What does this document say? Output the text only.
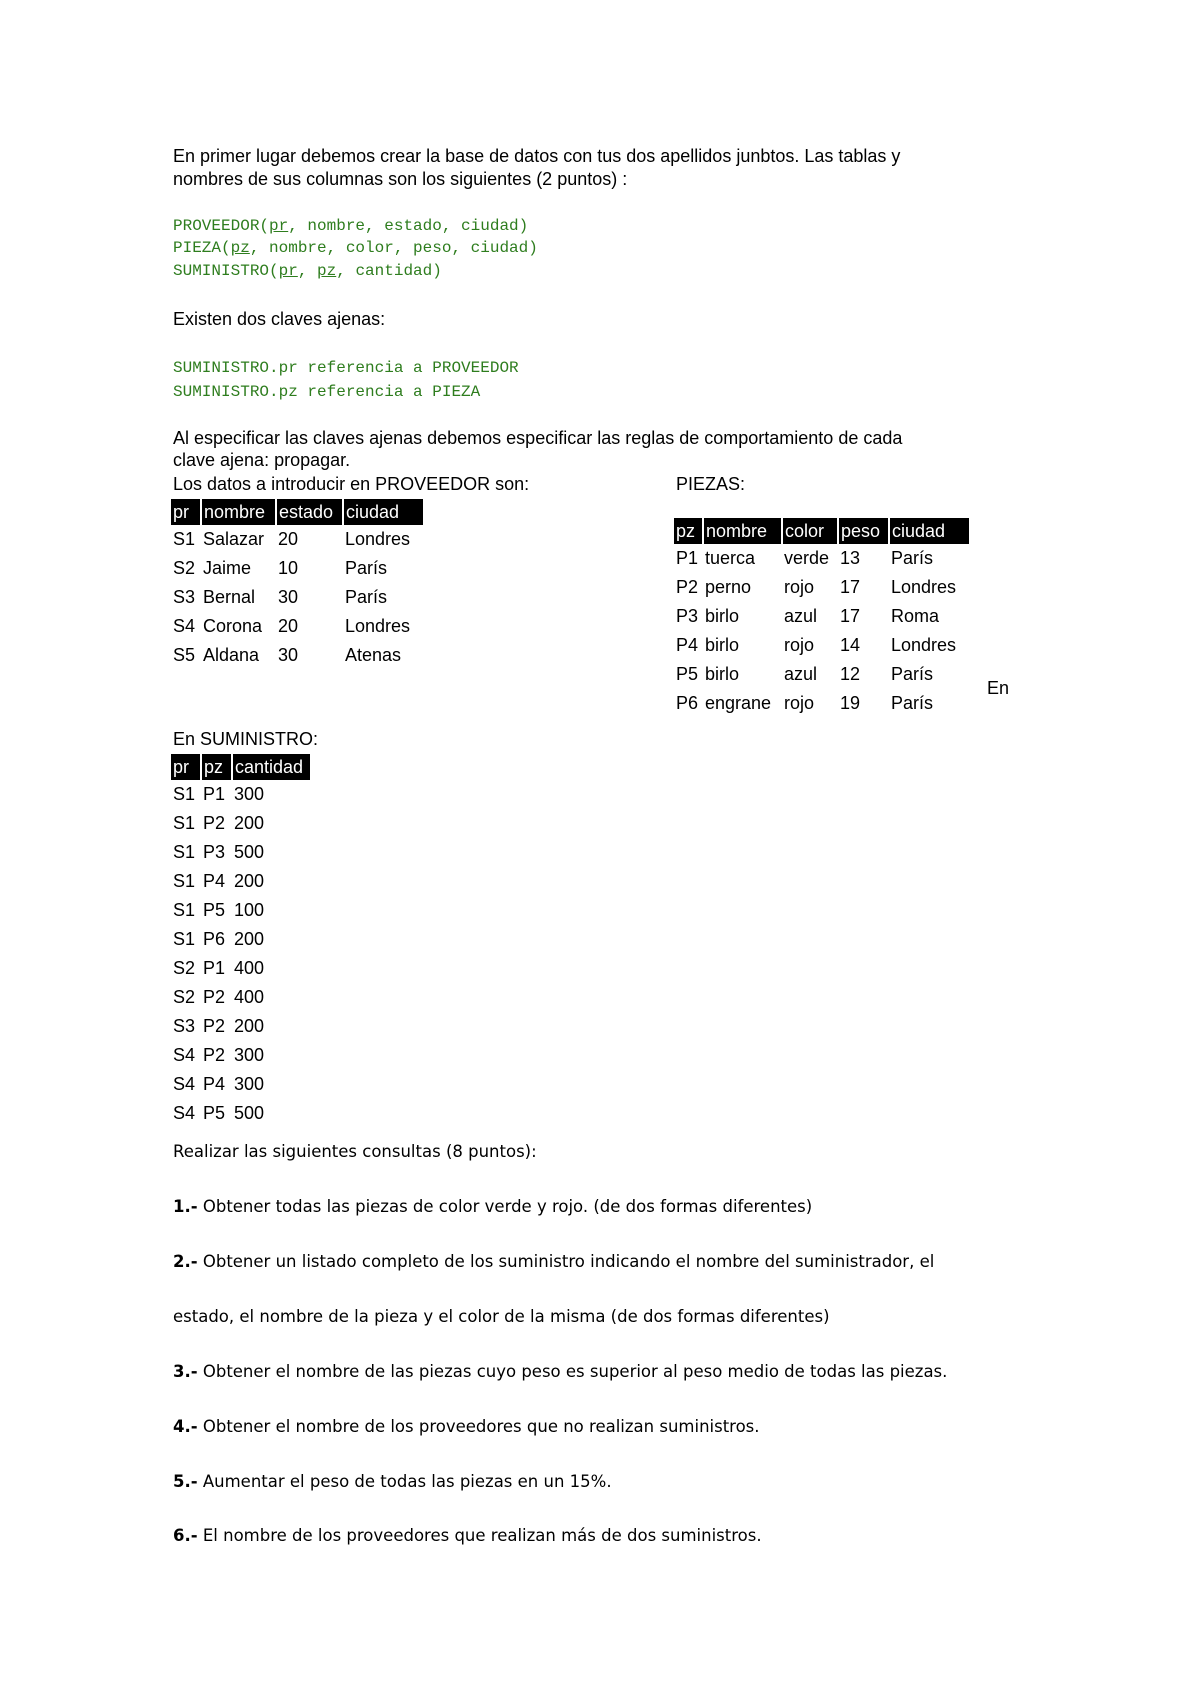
En primer lugar debemos crear la base de datos con tus dos apellidos junbtos. Las tablas y
nombres de sus columnas son los siguientes (2 puntos) :
PROVEEDOR(pr, nombre, estado, ciudad)
PIEZA(pz, nombre, color, peso, ciudad)
SUMINISTRO(pr, pz, cantidad)
Existen dos claves ajenas:
SUMINISTRO.pr referencia a PROVEEDOR
SUMINISTRO.pz referencia a PIEZA
Al especificar las claves ajenas debemos especificar las reglas de comportamiento de cada
clave ajena: propagar.
Los datos a introducir en PROVEEDOR son:
pr	nombre	estado	ciudad
S1	Salazar	20	Londres
S2	Jaime	10	París
S3	Bernal	30	París
S4	Corona	20	Londres
S5	Aldana	30	Atenas
PIEZAS:
pz	nombre	color	peso	ciudad
P1	tuerca	verde	13	París
P2	perno	rojo	17	Londres
P3	birlo	azul	17	Roma
P4	birlo	rojo	14	Londres
P5	birlo	azul	12	París
P6	engrane	rojo	19	París
En
En SUMINISTRO:
pr	pz	cantidad
S1	P1	300
S1	P2	200
S1	P3	500
S1	P4	200
S1	P5	100
S1	P6	200
S2	P1	400
S2	P2	400
S3	P2	200
S4	P2	300
S4	P4	300
S4	P5	500
Realizar las siguientes consultas (8 puntos):
1.- Obtener todas las piezas de color verde y rojo. (de dos formas diferentes)
2.- Obtener un listado completo de los suministro indicando el nombre del suministrador, el
estado, el nombre de la pieza y el color de la misma (de dos formas diferentes)
3.- Obtener el nombre de las piezas cuyo peso es superior al peso medio de todas las piezas.
4.- Obtener el nombre de los proveedores que no realizan suministros.
5.- Aumentar el peso de todas las piezas en un 15%.
6.- El nombre de los proveedores que realizan más de dos suministros.
